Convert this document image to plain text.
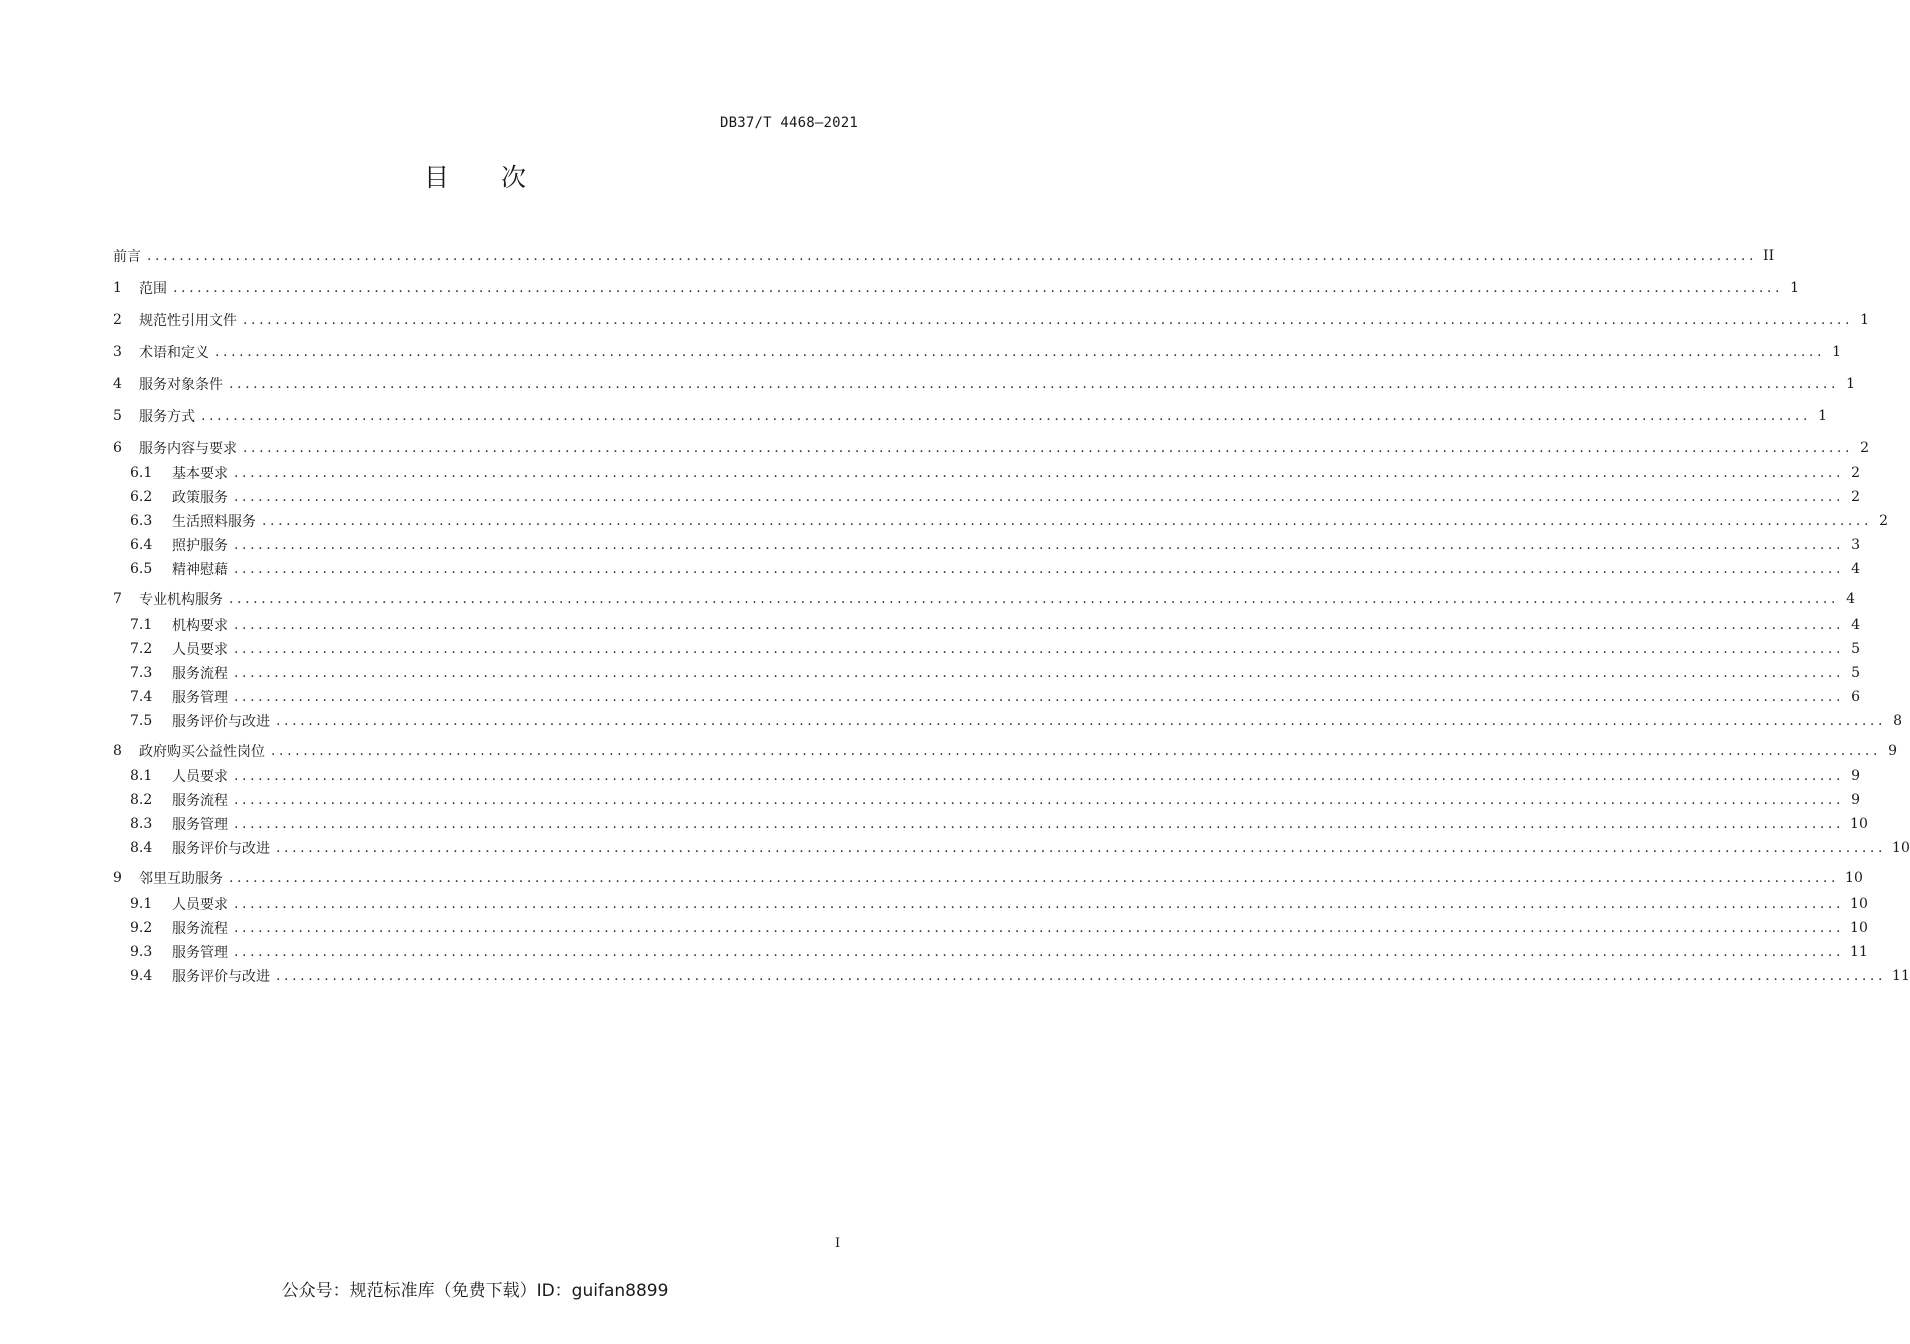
DB37/T 4468—2021
目 次
前言 ........................................................................................................................................................................................................ II
1	范围 ........................................................................................................................................................................................................ 1
2	规范性引用文件 ........................................................................................................................................................................................................ 1
3	术语和定义 ........................................................................................................................................................................................................ 1
4	服务对象条件 ........................................................................................................................................................................................................ 1
5	服务方式 ........................................................................................................................................................................................................ 1
6	服务内容与要求 ........................................................................................................................................................................................................ 2
6.1	基本要求 ........................................................................................................................................................................................................ 2
6.2	政策服务 ........................................................................................................................................................................................................ 2
6.3	生活照料服务 ........................................................................................................................................................................................................ 2
6.4	照护服务 ........................................................................................................................................................................................................ 3
6.5	精神慰藉 ........................................................................................................................................................................................................ 4
7	专业机构服务 ........................................................................................................................................................................................................ 4
7.1	机构要求 ........................................................................................................................................................................................................ 4
7.2	人员要求 ........................................................................................................................................................................................................ 5
7.3	服务流程 ........................................................................................................................................................................................................ 5
7.4	服务管理 ........................................................................................................................................................................................................ 6
7.5	服务评价与改进 ........................................................................................................................................................................................................ 8
8	政府购买公益性岗位 ........................................................................................................................................................................................................ 9
8.1	人员要求 ........................................................................................................................................................................................................ 9
8.2	服务流程 ........................................................................................................................................................................................................ 9
8.3	服务管理 ........................................................................................................................................................................................................ 10
8.4	服务评价与改进 ........................................................................................................................................................................................................ 10
9	邻里互助服务 ........................................................................................................................................................................................................ 10
9.1	人员要求 ........................................................................................................................................................................................................ 10
9.2	服务流程 ........................................................................................................................................................................................................ 10
9.3	服务管理 ........................................................................................................................................................................................................ 11
9.4	服务评价与改进 ........................................................................................................................................................................................................ 11
I
公众号：规范标准库（免费下载）ID：guifan8899
